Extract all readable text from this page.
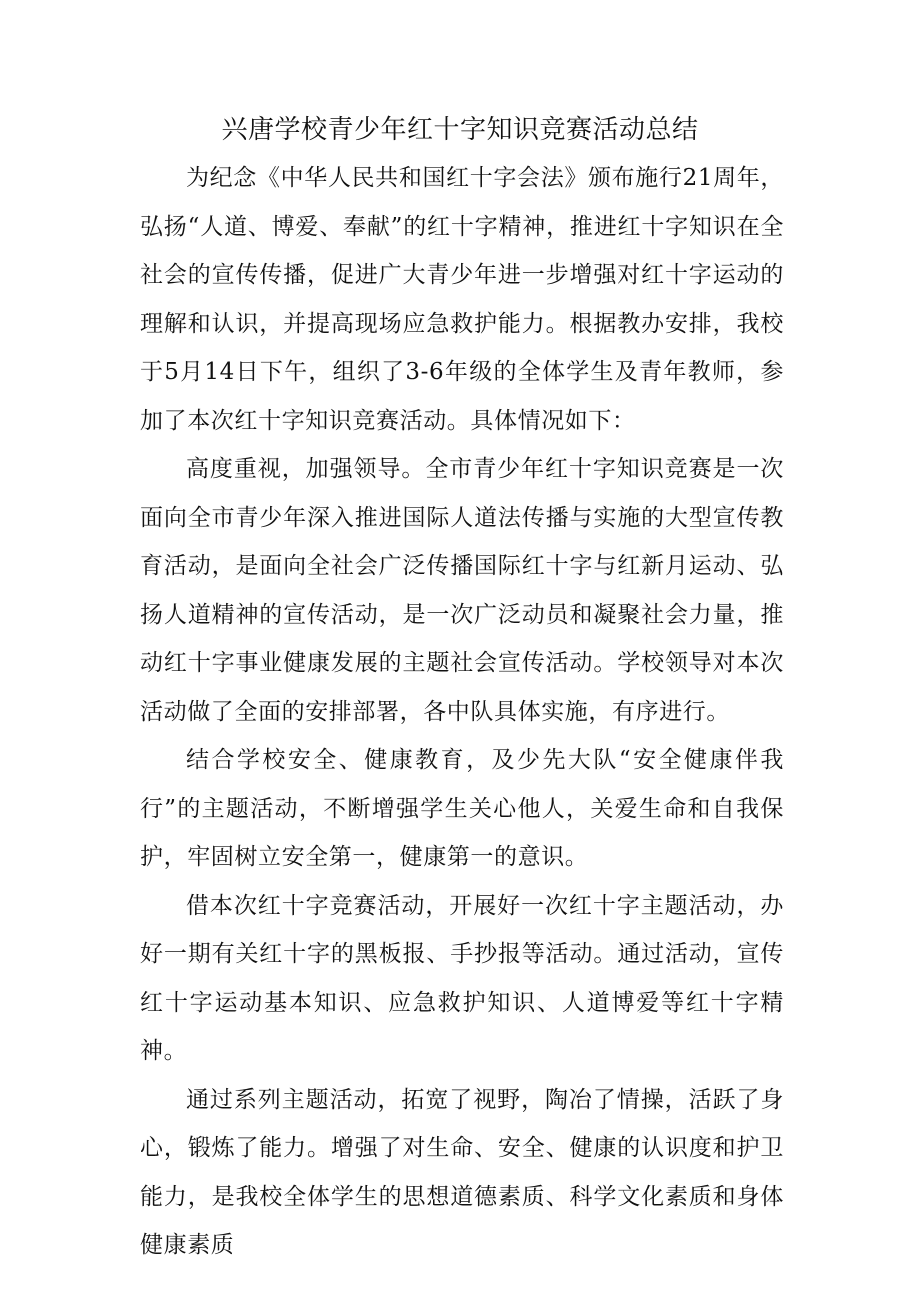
兴唐学校青少年红十字知识竞赛活动总结

为纪念《中华人民共和国红十字会法》颁布施行21周年，弘扬“人道、博爱、奉献”的红十字精神，推进红十字知识在全社会的宣传传播，促进广大青少年进一步增强对红十字运动的理解和认识，并提高现场应急救护能力。根据教办安排，我校于5月14日下午，组织了3-6年级的全体学生及青年教师，参加了本次红十字知识竞赛活动。具体情况如下：

高度重视，加强领导。全市青少年红十字知识竞赛是一次面向全市青少年深入推进国际人道法传播与实施的大型宣传教育活动，是面向全社会广泛传播国际红十字与红新月运动、弘扬人道精神的宣传活动，是一次广泛动员和凝聚社会力量，推动红十字事业健康发展的主题社会宣传活动。学校领导对本次活动做了全面的安排部署，各中队具体实施，有序进行。

结合学校安全、健康教育，及少先大队“安全健康伴我行”的主题活动，不断增强学生关心他人，关爱生命和自我保护，牢固树立安全第一，健康第一的意识。

借本次红十字竞赛活动，开展好一次红十字主题活动，办好一期有关红十字的黑板报、手抄报等活动。通过活动，宣传红十字运动基本知识、应急救护知识、人道博爱等红十字精神。

通过系列主题活动，拓宽了视野，陶冶了情操，活跃了身心，锻炼了能力。增强了对生命、安全、健康的认识度和护卫能力，是我校全体学生的思想道德素质、科学文化素质和身体健康素质
